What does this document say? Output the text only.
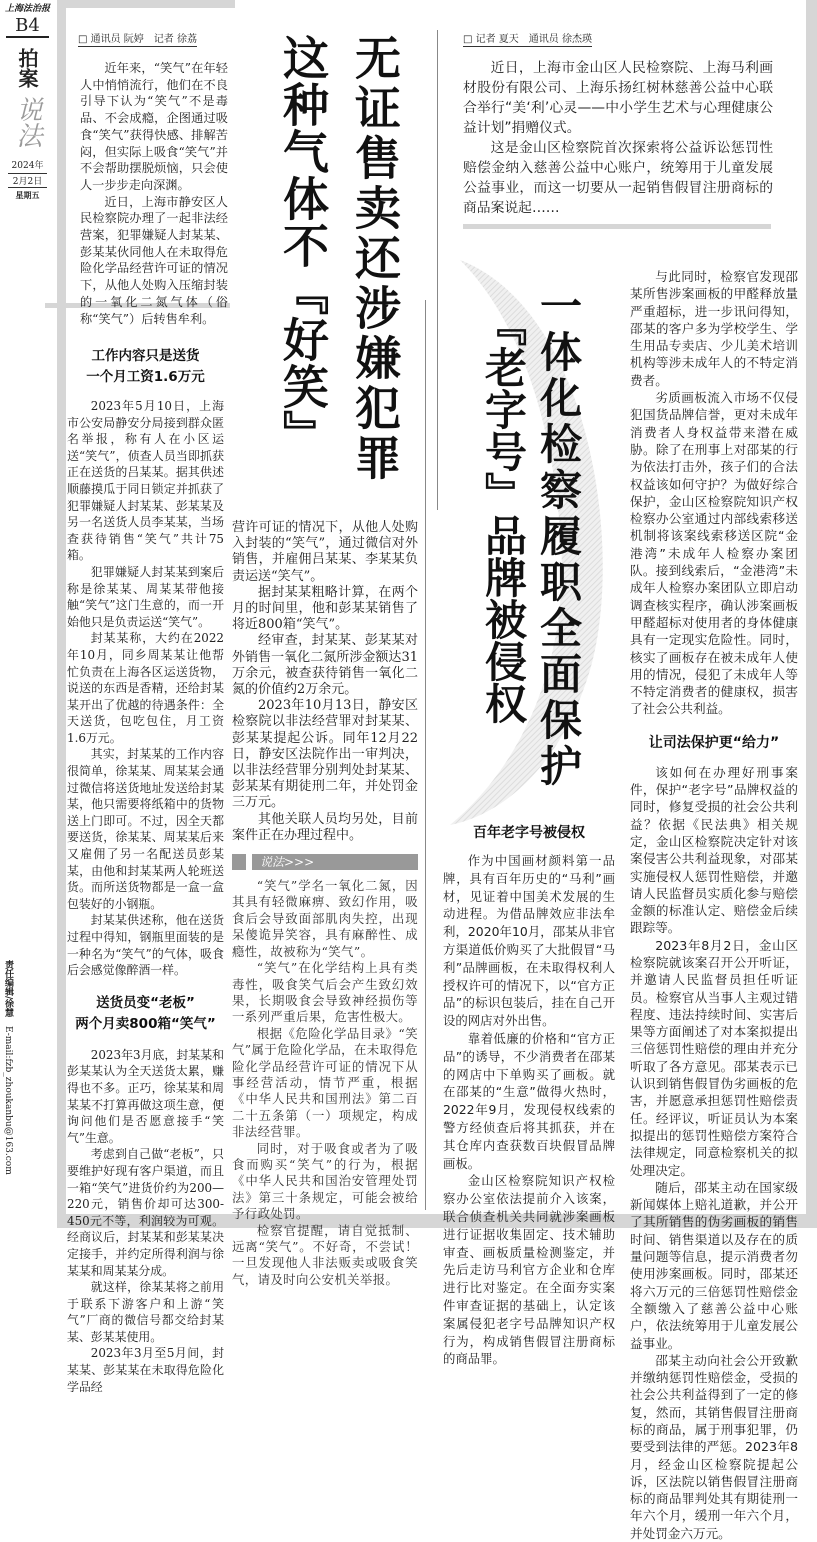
上海法治报
B4
拍案
说法
2024年
2月2日
星期五
责任编辑/徐慧 E-mail:fzb_zhoukanbu@163.com
无证售卖还涉嫌犯罪
这种气体不『好笑』
□ 通讯员 阮婷　记者 徐荔

近年来，“笑气”在年轻人中悄悄流行，他们在不良引导下认为“笑气”不是毒品、不会成瘾，企图通过吸食“笑气”获得快感、排解苦闷，但实际上吸食“笑气”并不会帮助摆脱烦恼，只会使人一步步走向深渊。

近日，上海市静安区人民检察院办理了一起非法经营案，犯罪嫌疑人封某某、彭某某伙同他人在未取得危险化学品经营许可证的情况下，从他人处购入压缩封装的一氧化二氮气体（俗称“笑气”）后转售牟利。

工作内容只是送货
一个月工资1.6万元

2023年5月10日，上海市公安局静安分局接到群众匿名举报，称有人在小区运送“笑气”，侦查人员当即抓获正在送货的吕某某。据其供述顺藤摸瓜于同日锁定并抓获了犯罪嫌疑人封某某、彭某某及另一名送货人员李某某，当场查获待销售“笑气”共计75箱。

犯罪嫌疑人封某某到案后称是徐某某、周某某带他接触“笑气”这门生意的，而一开始他只是负责运送“笑气”。

封某某称，大约在2022年10月，同乡周某某让他帮忙负责在上海各区运送货物，说送的东西是香精，还给封某某开出了优越的待遇条件：全天送货，包吃包住，月工资1.6万元。

其实，封某某的工作内容很简单，徐某某、周某某会通过微信将送货地址发送给封某某，他只需要将纸箱中的货物送上门即可。不过，因全天都要送货，徐某某、周某某后来又雇佣了另一名配送员彭某某，由他和封某某两人轮班送货。而所送货物都是一盒一盒包装好的小钢瓶。

封某某供述称，他在送货过程中得知，钢瓶里面装的是一种名为“笑气”的气体，吸食后会感觉像醉酒一样。

送货员变“老板”
两个月卖800箱“笑气”

2023年3月底，封某某和彭某某认为全天送货太累，赚得也不多。正巧，徐某某和周某某不打算再做这项生意，便询问他们是否愿意接手“笑气”生意。

考虑到自己做“老板”，只要维护好现有客户渠道，而且一箱“笑气”进货价约为200—220元，销售价却可达300-450元不等，利润较为可观。经商议后，封某某和彭某某决定接手，并约定所得利润与徐某某和周某某分成。

就这样，徐某某将之前用于联系下游客户和上游“笑气”厂商的微信号都交给封某某、彭某某使用。

2023年3月至5月间，封某某、彭某某在未取得危险化学品经

营许可证的情况下，从他人处购入封装的“笑气”，通过微信对外销售，并雇佣吕某某、李某某负责运送“笑气”。

据封某某粗略计算，在两个月的时间里，他和彭某某销售了将近800箱“笑气”。

经审查，封某某、彭某某对外销售一氧化二氮所涉金额达31万余元，被查获待销售一氧化二氮的价值约2万余元。

2023年10月13日，静安区检察院以非法经营罪对封某某、彭某某提起公诉。同年12月22日，静安区法院作出一审判决，以非法经营罪分别判处封某某、彭某某有期徒刑二年，并处罚金三万元。

其他关联人员均另处，目前案件正在办理过程中。

说法>>>

“笑气”学名一氧化二氮，因其具有轻微麻痹、致幻作用，吸食后会导致面部肌肉失控，出现呆傻诡异笑容，具有麻醉性、成瘾性，故被称为“笑气”。

“笑气”在化学结构上具有类毒性，吸食笑气后会产生致幻效果，长期吸食会导致神经损伤等一系列严重后果，危害性极大。

根据《危险化学品目录》“笑气”属于危险化学品，在未取得危险化学品经营许可证的情况下从事经营活动，情节严重，根据《中华人民共和国刑法》第二百二十五条第（一）项规定，构成非法经营罪。

同时，对于吸食或者为了吸食而购买“笑气”的行为，根据《中华人民共和国治安管理处罚法》第三十条规定，可能会被给予行政处罚。

检察官提醒，请自觉抵制、远离“笑气”。不好奇，不尝试！一旦发现他人非法贩卖或吸食笑气，请及时向公安机关举报。

□ 记者 夏天　通讯员 徐杰瑛

近日，上海市金山区人民检察院、上海马利画材股份有限公司、上海乐扬红树林慈善公益中心联合举行“美‘利’心灵——中小学生艺术与心理健康公益计划”捐赠仪式。

这是金山区检察院首次探索将公益诉讼惩罚性赔偿金纳入慈善公益中心账户，统筹用于儿童发展公益事业，而这一切要从一起销售假冒注册商标的商品案说起……

一体化检察履职全面保护
『老字号』品牌被侵权
百年老字号被侵权

作为中国画材颜料第一品牌，具有百年历史的“马利”画材，见证着中国美术发展的生动进程。为借品牌效应非法牟利，2020年10月，邵某从非官方渠道低价购买了大批假冒“马利”品牌画板，在未取得权利人授权许可的情况下，以“官方正品”的标识包装后，挂在自己开设的网店对外出售。

靠着低廉的价格和“官方正品”的诱导，不少消费者在邵某的网店中下单购买了画板。就在邵某的“生意”做得火热时，2022年9月，发现侵权线索的警方经侦查后将其抓获，并在其仓库内查获数百块假冒品牌画板。

金山区检察院知识产权检察办公室依法提前介入该案，联合侦查机关共同就涉案画板进行证据收集固定、技术辅助审查、画板质量检测鉴定，并先后走访马利官方企业和仓库进行比对鉴定。在全面夯实案件审查证据的基础上，认定该案属侵犯老字号品牌知识产权行为，构成销售假冒注册商标的商品罪。

与此同时，检察官发现邵某所售涉案画板的甲醛释放量严重超标，进一步讯问得知，邵某的客户多为学校学生、学生用品专卖店、少儿美术培训机构等涉未成年人的不特定消费者。

劣质画板流入市场不仅侵犯国货品牌信誉，更对未成年消费者人身权益带来潜在威胁。除了在刑事上对邵某的行为依法打击外，孩子们的合法权益该如何守护？为做好综合保护，金山区检察院知识产权检察办公室通过内部线索移送机制将该案线索移送区院“金港湾”未成年人检察办案团队。接到线索后，“金港湾”未成年人检察办案团队立即启动调查核实程序，确认涉案画板甲醛超标对使用者的身体健康具有一定现实危险性。同时，核实了画板存在被未成年人使用的情况，侵犯了未成年人等不特定消费者的健康权，损害了社会公共利益。

让司法保护更“给力”

该如何在办理好刑事案件，保护“老字号”品牌权益的同时，修复受损的社会公共利益？依据《民法典》相关规定，金山区检察院决定针对该案侵害公共利益现象，对邵某实施侵权人惩罚性赔偿，并邀请人民监督员实质化参与赔偿金额的标准认定、赔偿金后续跟踪等。

2023年8月2日，金山区检察院就该案召开公开听证，并邀请人民监督员担任听证员。检察官从当事人主观过错程度、违法持续时间、实害后果等方面阐述了对本案拟提出三倍惩罚性赔偿的理由并充分听取了各方意见。邵某表示已认识到销售假冒伪劣画板的危害，并愿意承担惩罚性赔偿责任。经评议，听证员认为本案拟提出的惩罚性赔偿方案符合法律规定，同意检察机关的拟处理决定。

随后，邵某主动在国家级新闻媒体上赔礼道歉，并公开了其所销售的伪劣画板的销售时间、销售渠道以及存在的质量问题等信息，提示消费者勿使用涉案画板。同时，邵某还将六万元的三倍惩罚性赔偿金全额缴入了慈善公益中心账户，依法统筹用于儿童发展公益事业。

邵某主动向社会公开致歉并缴纳惩罚性赔偿金，受损的社会公共利益得到了一定的修复，然而，其销售假冒注册商标的商品，属于刑事犯罪，仍要受到法律的严惩。2023年8月，经金山区检察院提起公诉，区法院以销售假冒注册商标的商品罪判处其有期徒刑一年六个月，缓刑一年六个月，并处罚金六万元。
